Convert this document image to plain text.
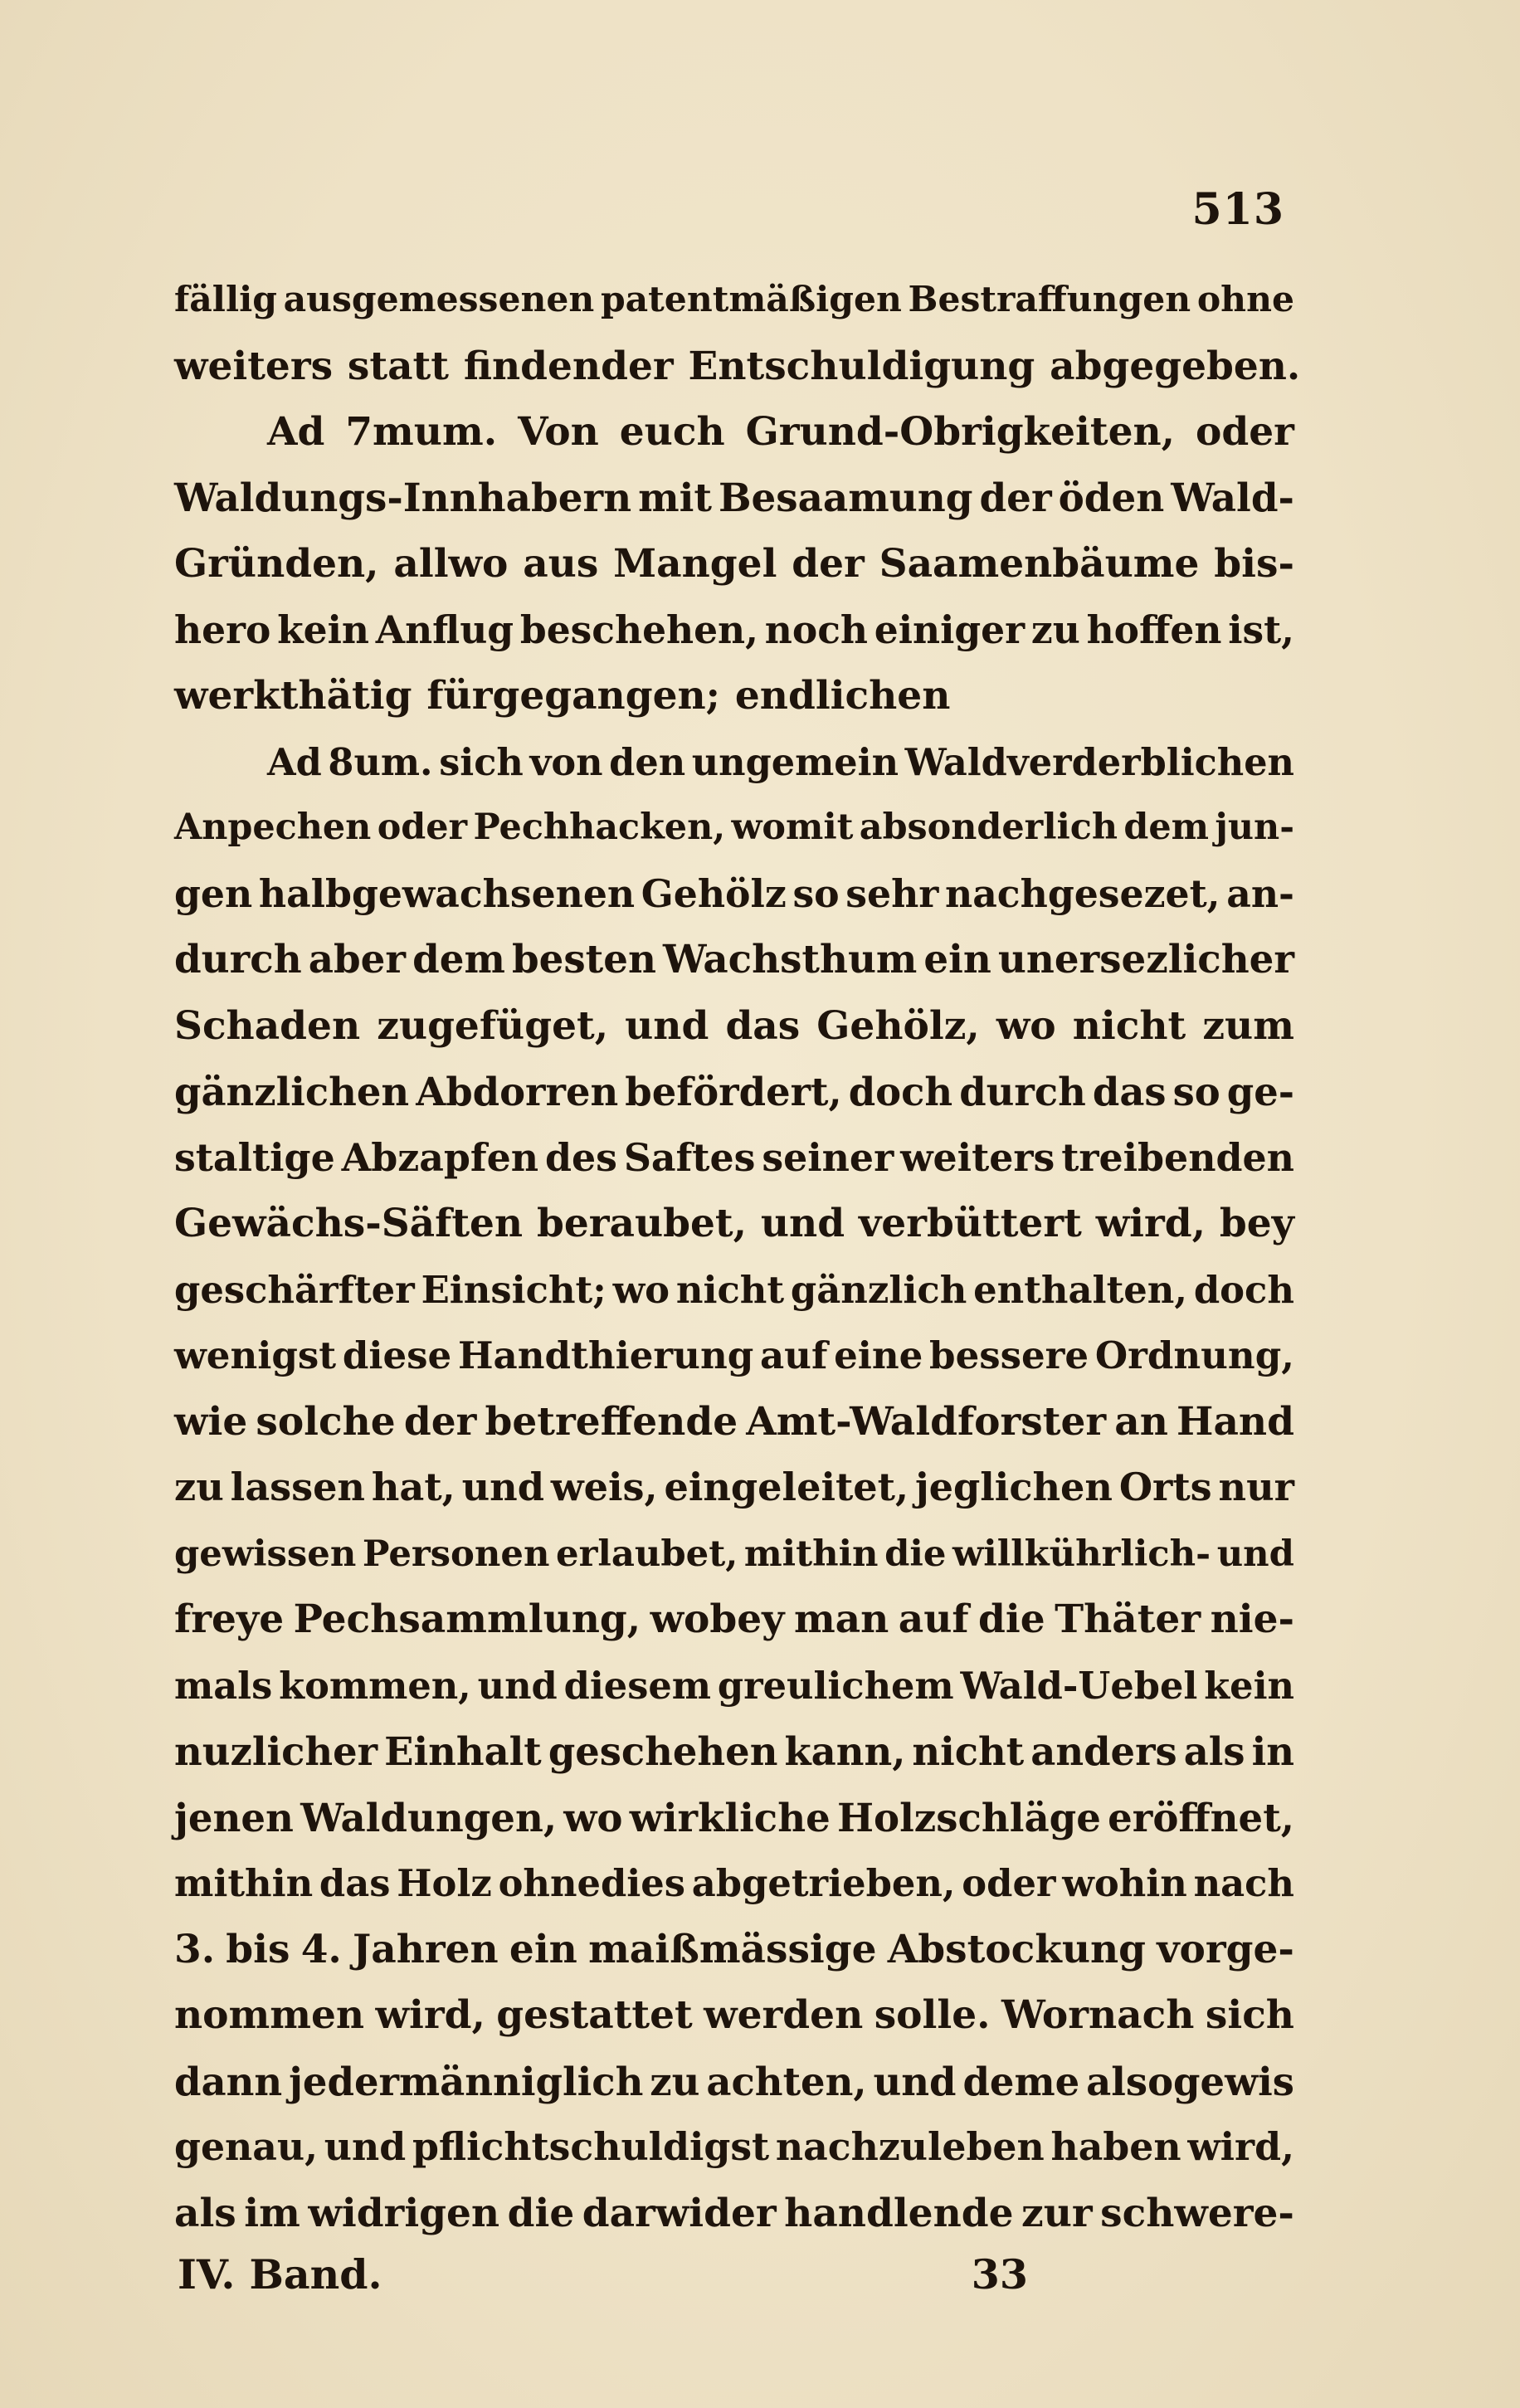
513
fällig ausgemessenen patentmäßigen Bestraffungen ohne
weiters statt findender Entschuldigung abgegeben.
Ad 7mum. Von euch Grund-Obrigkeiten, oder
Waldungs-Innhabern mit Besaamung der öden Wald-
Gründen, allwo aus Mangel der Saamenbäume bis-
hero kein Anflug beschehen, noch einiger zu hoffen ist,
werkthätig fürgegangen; endlichen
Ad 8um. sich von den ungemein Waldverderblichen
Anpechen oder Pechhacken, womit absonderlich dem jun-
gen halbgewachsenen Gehölz so sehr nachgesezet, an-
durch aber dem besten Wachsthum ein unersezlicher
Schaden zugefüget, und das Gehölz, wo nicht zum
gänzlichen Abdorren befördert, doch durch das so ge-
staltige Abzapfen des Saftes seiner weiters treibenden
Gewächs-Säften beraubet, und verbüttert wird, bey
geschärfter Einsicht; wo nicht gänzlich enthalten, doch
wenigst diese Handthierung auf eine bessere Ordnung,
wie solche der betreffende Amt-Waldforster an Hand
zu lassen hat, und weis, eingeleitet, jeglichen Orts nur
gewissen Personen erlaubet, mithin die willkührlich- und
freye Pechsammlung, wobey man auf die Thäter nie-
mals kommen, und diesem greulichem Wald-Uebel kein
nuzlicher Einhalt geschehen kann, nicht anders als in
jenen Waldungen, wo wirkliche Holzschläge eröffnet,
mithin das Holz ohnedies abgetrieben, oder wohin nach
3. bis 4. Jahren ein maißmässige Abstockung vorge-
nommen wird, gestattet werden solle. Wornach sich
dann jedermänniglich zu achten, und deme alsogewis
genau, und pflichtschuldigst nachzuleben haben wird,
als im widrigen die darwider handlende zur schwere-
IV. Band.	33
